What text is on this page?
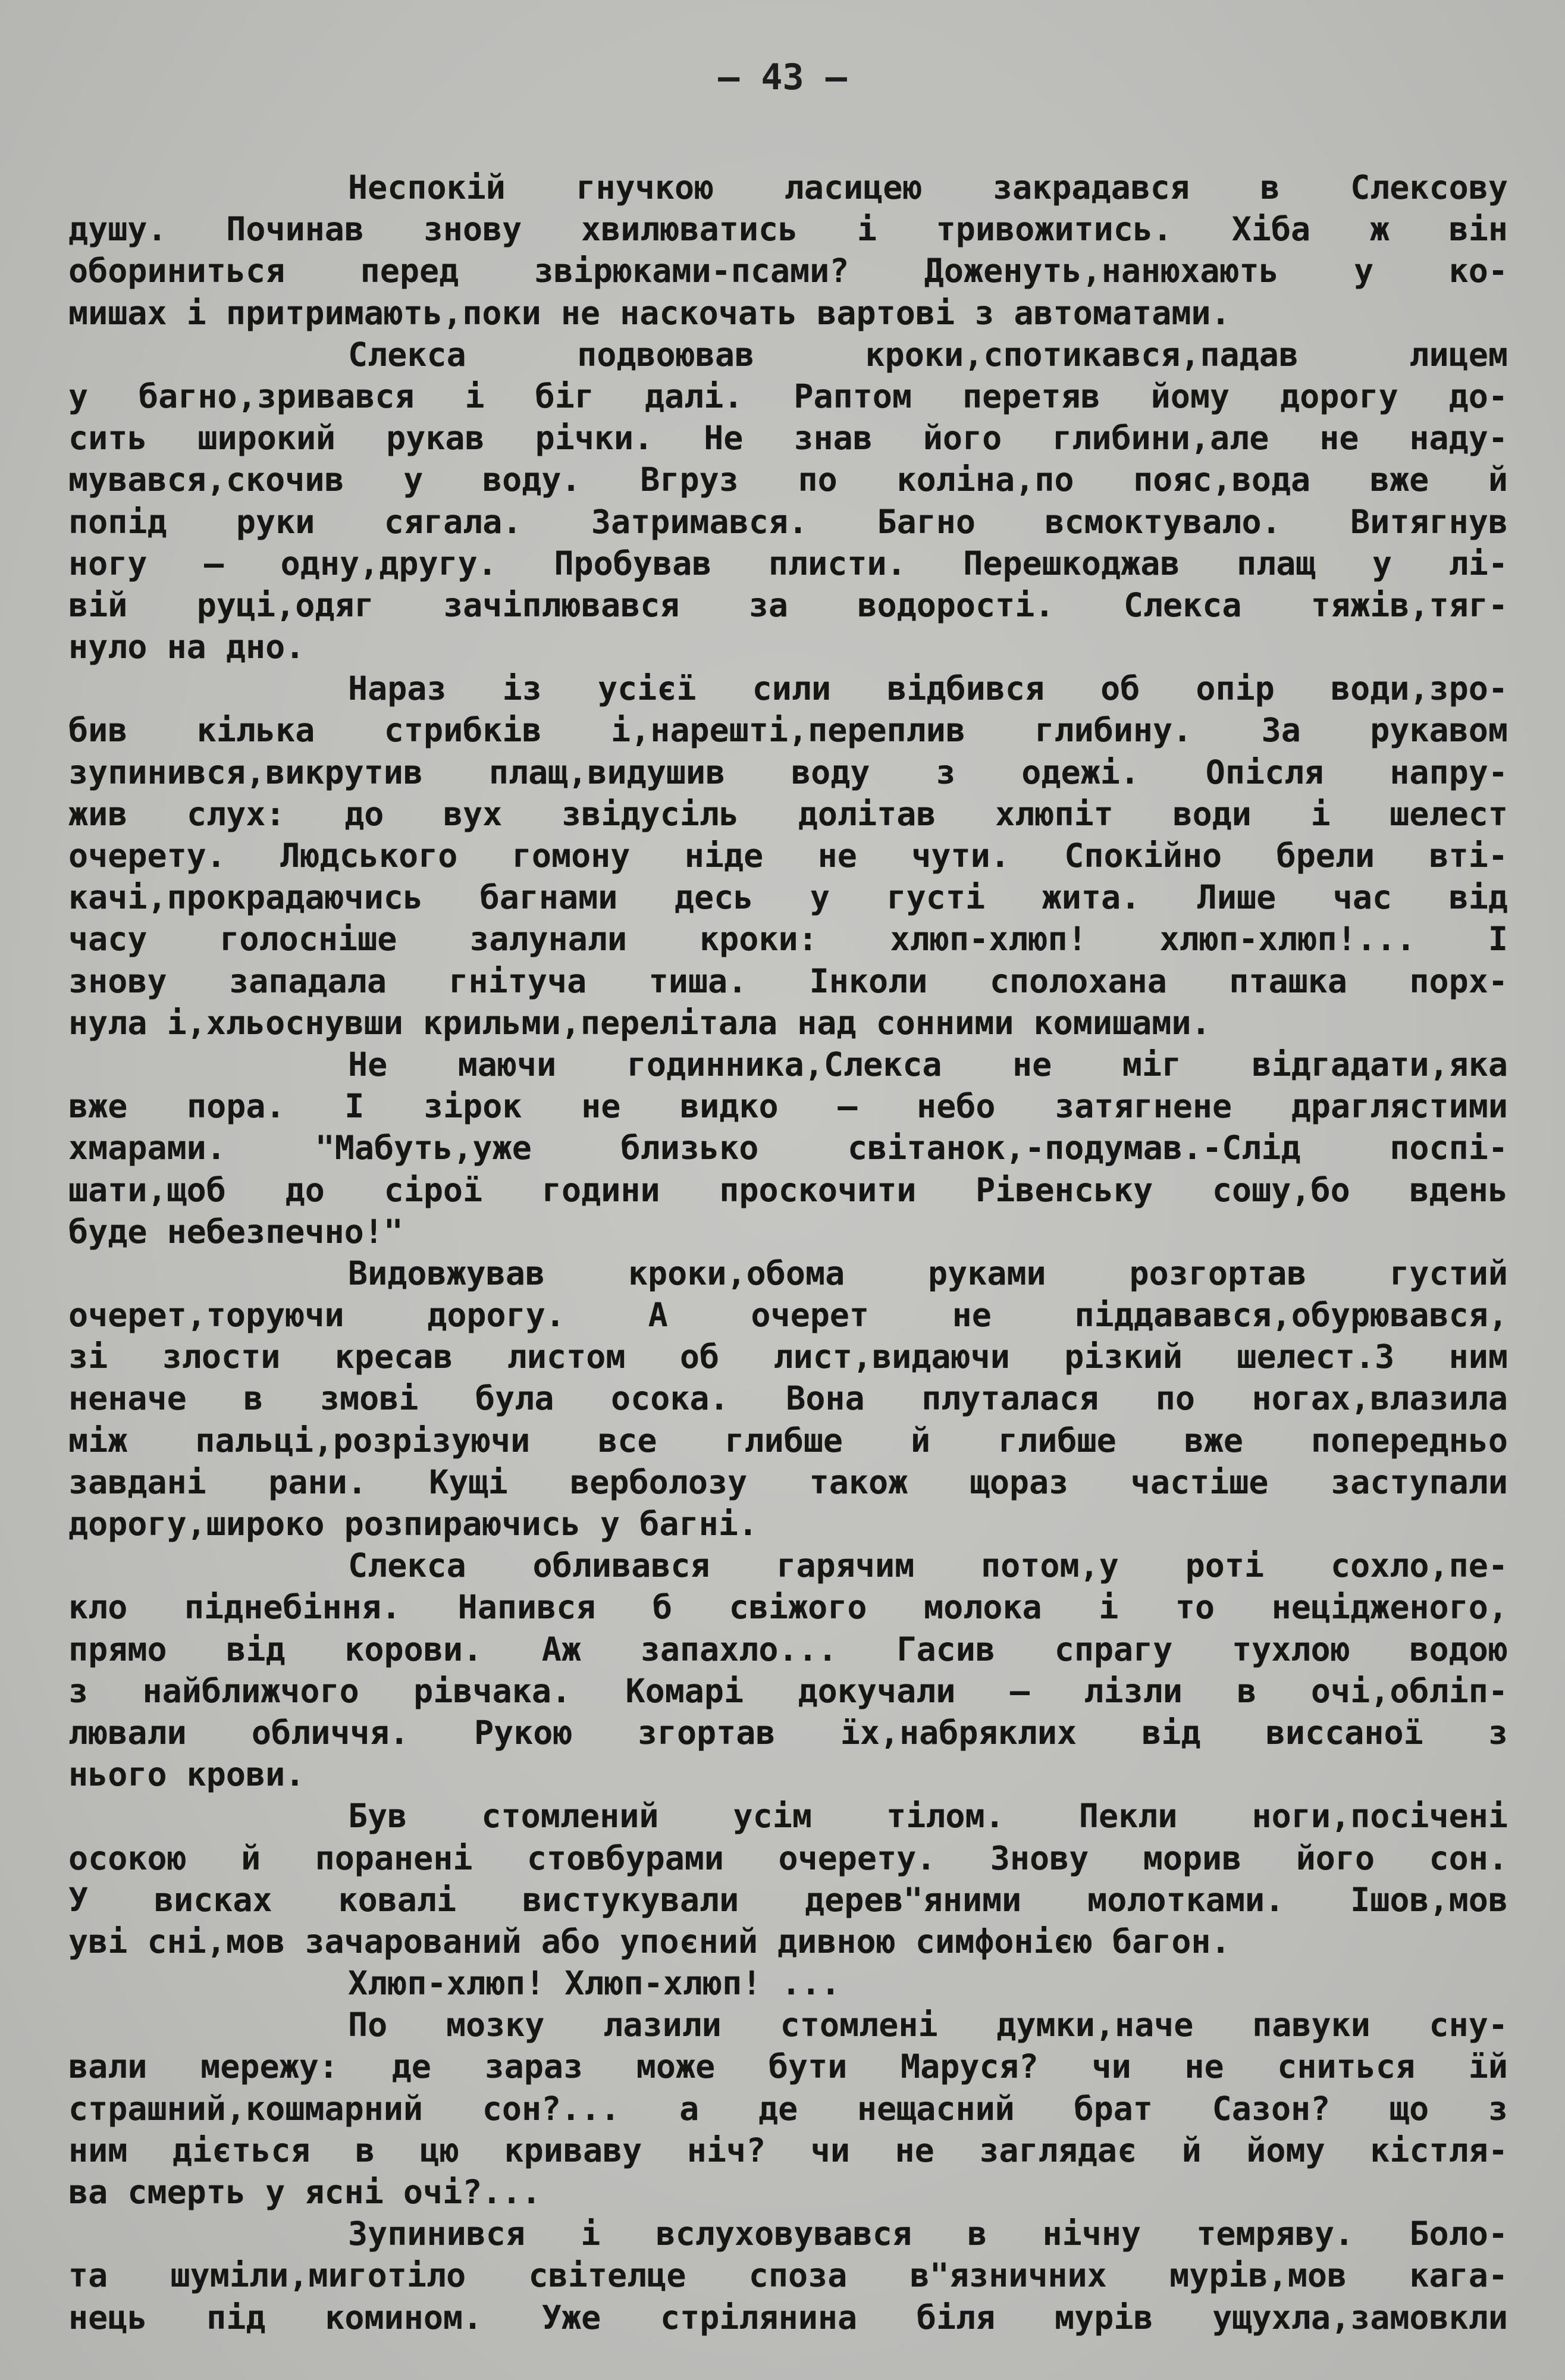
– 43 –
Неспокій гнучкою ласицею закрадався в Слексову
душу. Починав знову хвилюватись і тривожитись. Хіба ж він
обориниться перед звірюками-псами? Доженуть,нанюхають у ко-
мишах і притримають,поки не наскочать вартові з автоматами.
Слекса подвоював кроки,спотикався,падав лицем
у багно,зривався і біг далі. Раптом перетяв йому дорогу до-
сить широкий рукав річки. Не знав його глибини,але не наду-
мувався,скочив у воду. Вгруз по коліна,по пояс,вода вже й
попід руки сягала. Затримався. Багно всмоктувало. Витягнув
ногу – одну,другу. Пробував плисти. Перешкоджав плащ у лі-
вій руці,одяг зачіплювався за водорості. Слекса тяжів,тяг-
нуло на дно.
Нараз із усієї сили відбився об опір води,зро-
бив кілька стрибків і,нарешті,переплив глибину. За рукавом
зупинився,викрутив плащ,видушив воду з одежі. Опісля напру-
жив слух: до вух звідусіль долітав хлюпіт води і шелест
очерету. Людського гомону ніде не чути. Спокійно брели вті-
качі,прокрадаючись багнами десь у густі жита. Лише час від
часу голосніше залунали кроки: хлюп-хлюп! хлюп-хлюп!... І
знову западала гнітуча тиша. Інколи сполохана пташка порх-
нула і,хльоснувши крильми,перелітала над сонними комишами.
Не маючи годинника,Слекса не міг відгадати,яка
вже пора. І зірок не видко – небо затягнене драглястими
хмарами. "Мабуть,уже близько світанок,-подумав.-Слід поспі-
шати,щоб до сірої години проскочити Рівенську сошу,бо вдень
буде небезпечно!"
Видовжував кроки,обома руками розгортав густий
очерет,торуючи дорогу. А очерет не піддавався,обурювався,
зі злости кресав листом об лист,видаючи різкий шелест.З ним
неначе в змові була осока. Вона плуталася по ногах,влазила
між пальці,розрізуючи все глибше й глибше вже попередньо
завдані рани. Кущі верболозу також щораз частіше заступали
дорогу,широко розпираючись у багні.
Слекса обливався гарячим потом,у роті сохло,пе-
кло піднебіння. Напився б свіжого молока і то нецідженого,
прямо від корови. Аж запахло... Гасив спрагу тухлою водою
з найближчого рівчака. Комарі докучали – лізли в очі,обліп-
лювали обличчя. Рукою згортав їх,набряклих від виссаної з
нього крови.
Був стомлений усім тілом. Пекли ноги,посічені
осокою й поранені стовбурами очерету. Знову морив його сон.
У висках ковалі вистукували дерев"яними молотками. Ішов,мов
уві сні,мов зачарований або упоєний дивною симфонією багон.
Хлюп-хлюп! Хлюп-хлюп! ...
По мозку лазили стомлені думки,наче павуки сну-
вали мережу: де зараз може бути Маруся? чи не сниться їй
страшний,кошмарний сон?... а де нещасний брат Сазон? що з
ним діється в цю криваву ніч? чи не заглядає й йому кістля-
ва смерть у ясні очі?...
Зупинився і вслуховувався в нічну темряву. Боло-
та шуміли,миготіло світелце споза в"язничних мурів,мов кага-
нець під комином. Уже стрілянина біля мурів ущухла,замовкли
